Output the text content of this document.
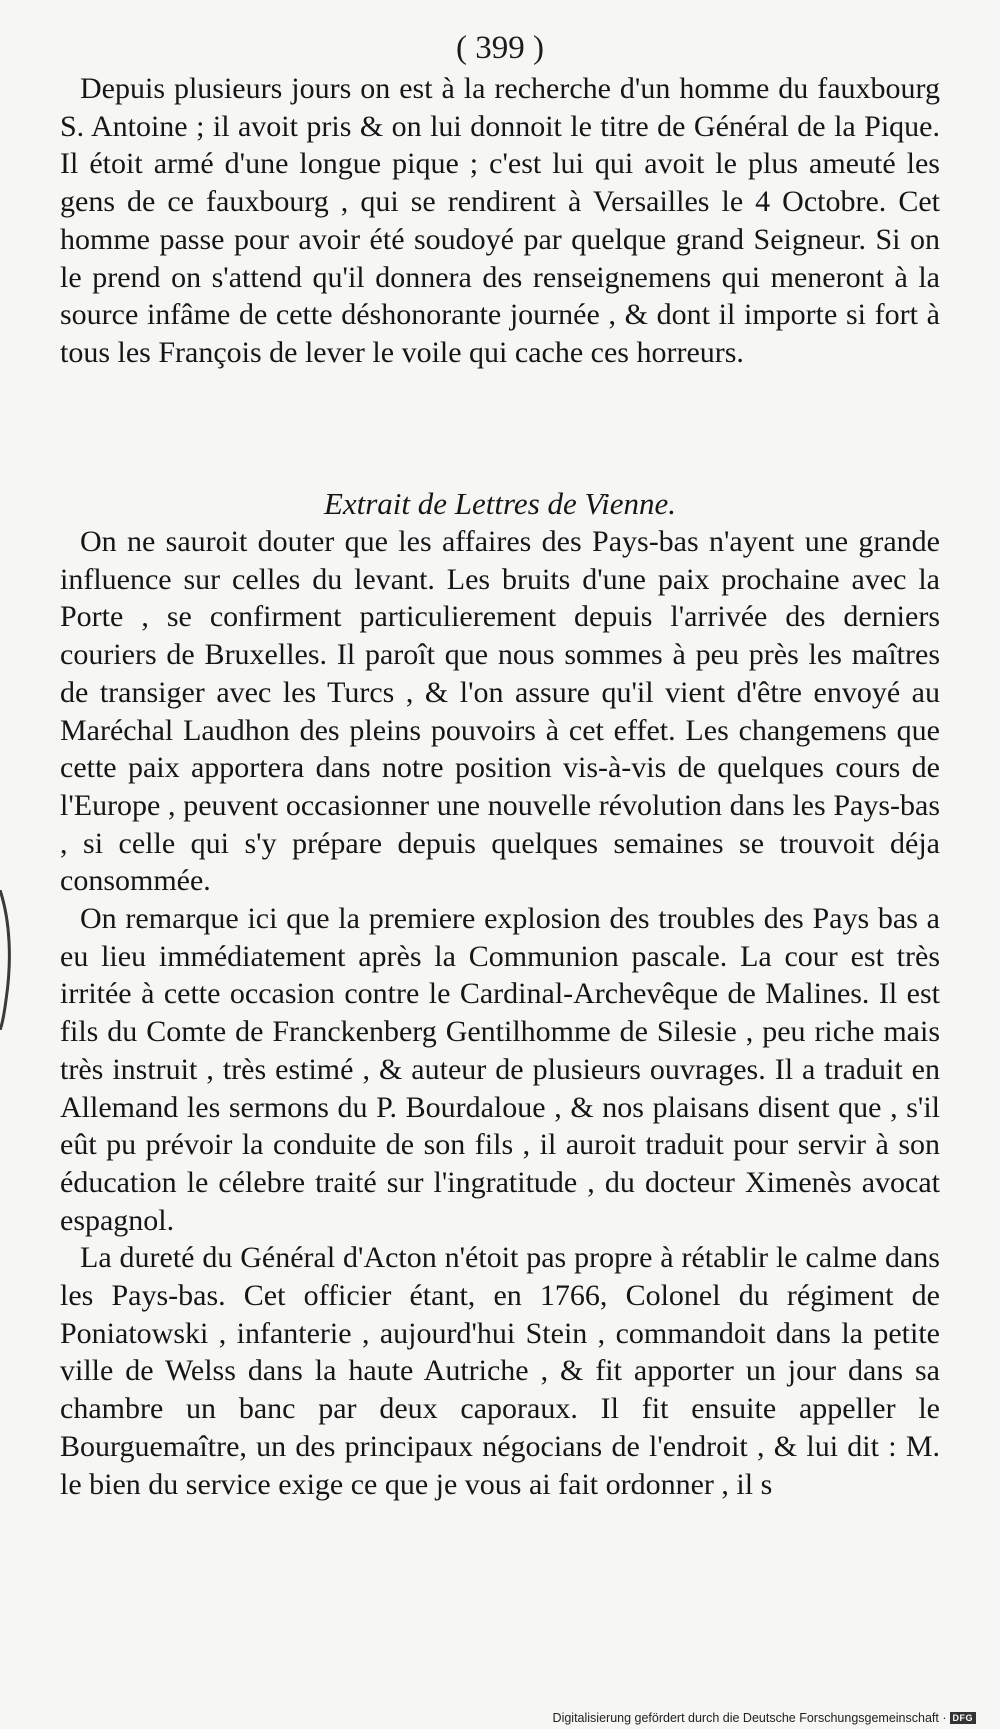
( 399 )

Depuis plusieurs jours on est à la recherche d'un homme du fauxbourg S. Antoine ; il avoit pris & on lui donnoit le titre de Général de la Pique. Il étoit armé d'une longue pique ; c'est lui qui avoit le plus ameuté les gens de ce fauxbourg , qui se rendirent à Versailles le 4 Octobre. Cet homme passe pour avoir été soudoyé par quelque grand Seigneur. Si on le prend on s'attend qu'il donnera des renseignemens qui meneront à la source infâme de cette déshonorante journée , & dont il importe si fort à tous les François de lever le voile qui cache ces horreurs.

Extrait de Lettres de Vienne.

On ne sauroit douter que les affaires des Pays-bas n'ayent une grande influence sur celles du levant. Les bruits d'une paix prochaine avec la Porte , se confirment particulierement depuis l'arrivée des derniers couriers de Bruxelles. Il paroît que nous sommes à peu près les maîtres de transiger avec les Turcs , & l'on assure qu'il vient d'être envoyé au Maréchal Laudhon des pleins pouvoirs à cet effet. Les changemens que cette paix apportera dans notre position vis-à-vis de quelques cours de l'Europe , peuvent occasionner une nouvelle révolution dans les Pays-bas , si celle qui s'y prépare depuis quelques semaines se trouvoit déja consommée.

On remarque ici que la premiere explosion des troubles des Pays bas a eu lieu immédiatement après la Communion pascale. La cour est très irritée à cette occasion contre le Cardinal-Archevêque de Malines. Il est fils du Comte de Franckenberg Gentilhomme de Silesie , peu riche mais très instruit , très estimé , & auteur de plusieurs ouvrages. Il a traduit en Allemand les sermons du P. Bourdaloue , & nos plaisans disent que , s'il eût pu prévoir la conduite de son fils , il auroit traduit pour servir à son éducation le célebre traité sur l'ingratitude , du docteur Ximenès avocat espagnol.

La dureté du Général d'Acton n'étoit pas propre à rétablir le calme dans les Pays-bas. Cet officier étant, en 1766, Colonel du régiment de Poniatowski , infanterie , aujourd'hui Stein , commandoit dans la petite ville de Welss dans la haute Autriche , & fit apporter un jour dans sa chambre un banc par deux caporaux. Il fit ensuite appeller le Bourguemaître, un des principaux négocians de l'endroit , & lui dit : M. le bien du service exige ce que je vous ai fait ordonner , il s

Digitalisierung gefördert durch die Deutsche Forschungsgemeinschaft · DFG
